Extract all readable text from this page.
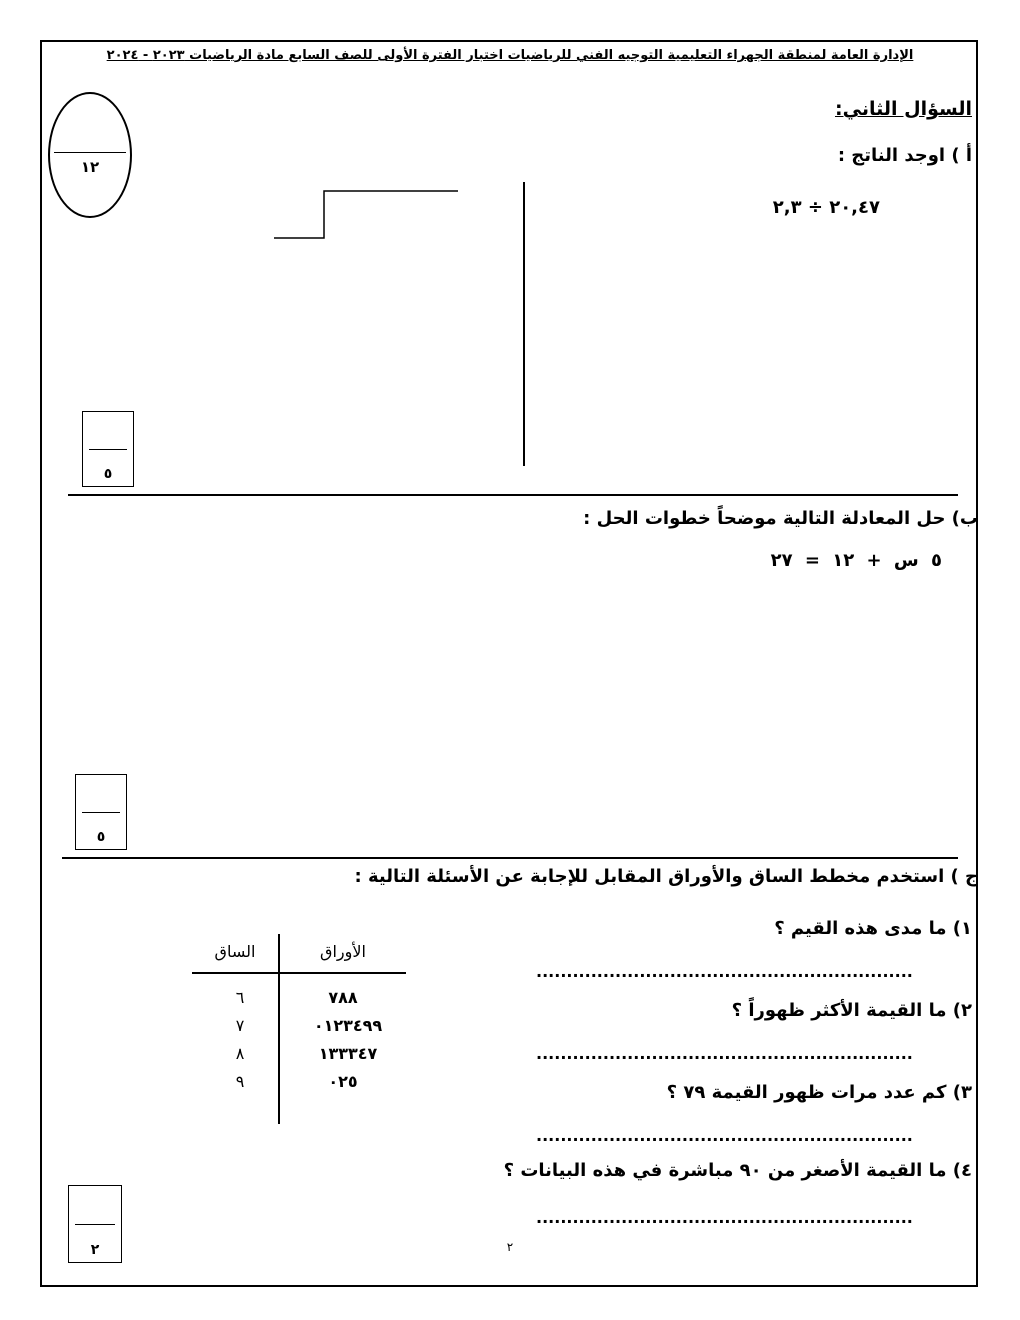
الإدارة العامة لمنطقة الجهراء التعليمية التوجيه الفني للرياضيات اختبار الفترة الأولى للصف السابع مادة الرياضيات ٢٠٢٣ - ٢٠٢٤
١٢
السؤال الثاني:
أ ) اوجد الناتج :
٢٠,٤٧ ÷ ٢,٣
٥
ب) حل المعادلة التالية موضحاً خطوات الحل :
٥ س + ١٢ = ٢٧
٥
ج ) استخدم مخطط الساق والأوراق المقابل للإجابة عن الأسئلة التالية :
١) ما مدى هذه القيم ؟
..............................................................
٢) ما القيمة الأكثر ظهوراً ؟
..............................................................
٣) كم عدد مرات ظهور القيمة ٧٩ ؟
..............................................................
٤) ما القيمة الأصغر من ٩٠ مباشرة في هذه البيانات ؟
..............................................................
الساق	الأوراق
٦	٧٨٨
٧	٠١٢٣٤٩٩
٨	١٣٣٣٤٧
٩	٠٢٥
٢	٢
